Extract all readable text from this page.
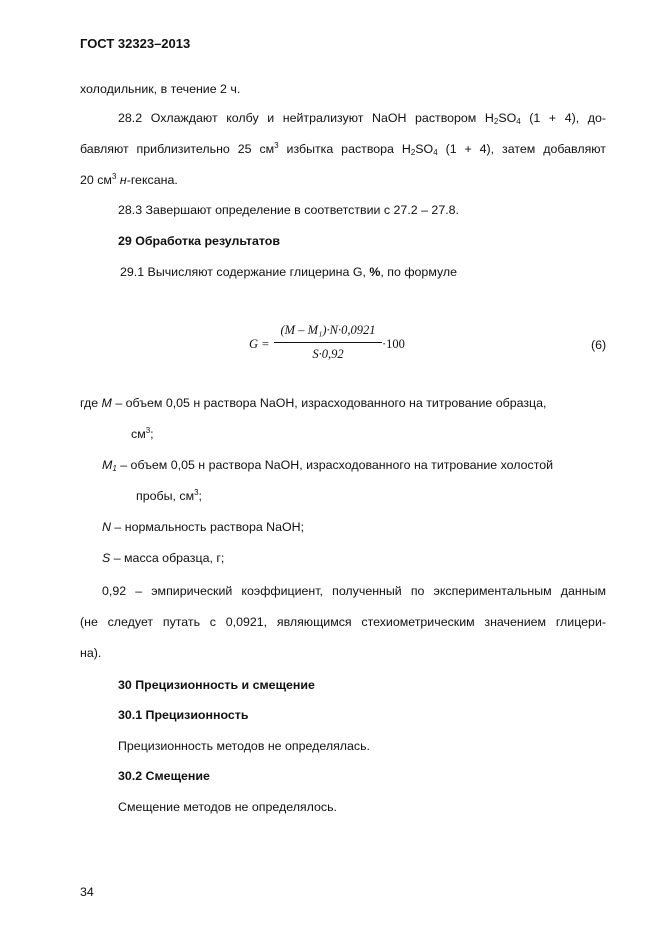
ГОСТ 32323–2013
холодильник, в течение 2 ч.
28.2 Охлаждают колбу и нейтрализуют NaOH раствором $H_2SO_4$ (1 + 4), до-
бавляют приблизительно 25 $см^3$ избытка раствора $H_2SO_4$ (1 + 4), затем добавляют
20 $см^3$ н-гексана.
28.3 Завершают определение в соответствии с 27.2 – 27.8.
29 Обработка результатов
29.1 Вычисляют содержание глицерина G, %, по формуле
G =
(M – M₁)·N·0,0921
S·0,92
·100	(6)
где M – объем 0,05 н раствора NaOH, израсходованного на титрование образца,
$см^3$;
$M_1$ – объем 0,05 н раствора NaOH, израсходованного на титрование холостой
пробы, $см^3$;
N – нормальность раствора NaOH;
S – масса образца, г;
0,92 – эмпирический коэффициент, полученный по экспериментальным данным
(не следует путать с 0,0921, являющимся стехиометрическим значением глицери-
на).
30 Прецизионность и смещение
30.1 Прецизионность
Прецизионность методов не определялась.
30.2 Смещение
Смещение методов не определялось.
34
